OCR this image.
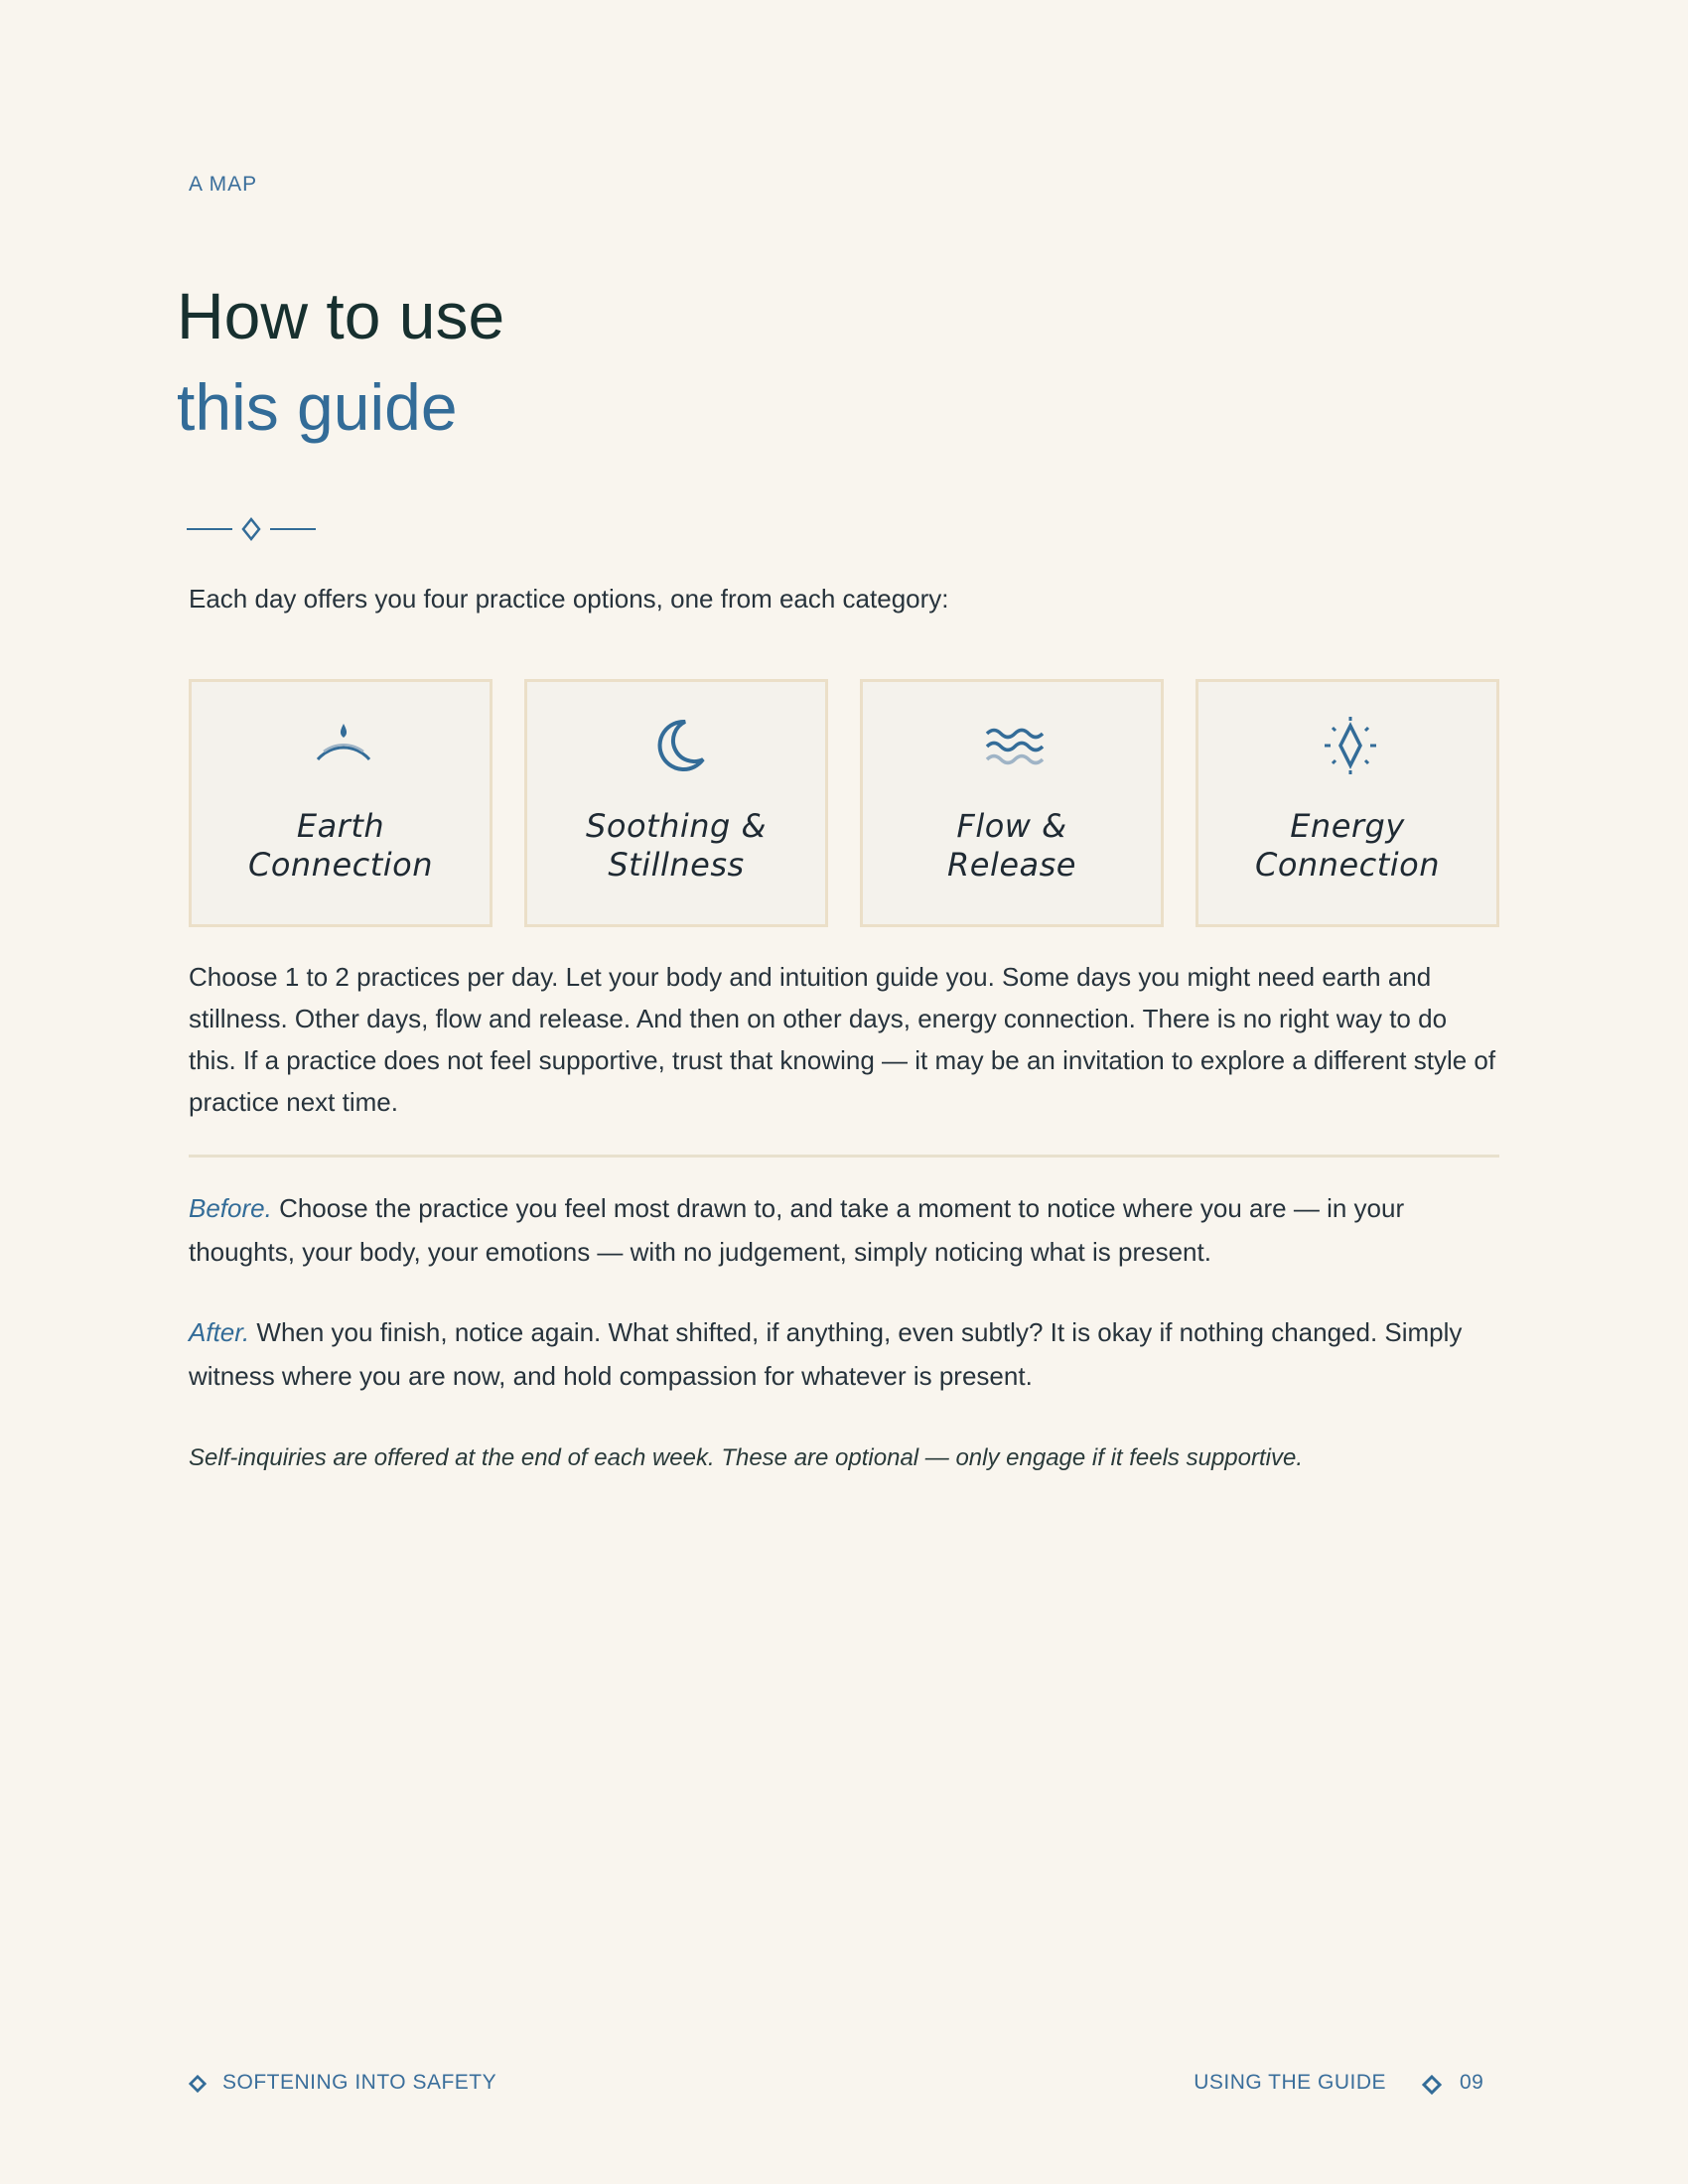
A MAP
How to use
this guide

Each day offers you four practice options, one from each category:

Earth
Connection
Soothing &
Stillness
Flow &
Release
Energy
Connection

Choose 1 to 2 practices per day. Let your body and intuition guide you. Some days you might need earth and stillness. Other days, flow and release. And then on other days, energy connection. There is no right way to do this. If a practice does not feel supportive, trust that knowing — it may be an invitation to explore a different style of practice next time.

Before. Choose the practice you feel most drawn to, and take a moment to notice where you are — in your thoughts, your body, your emotions — with no judgement, simply noticing what is present.

After. When you finish, notice again. What shifted, if anything, even subtly? It is okay if nothing changed. Simply witness where you are now, and hold compassion for whatever is present.

Self-inquiries are offered at the end of each week. These are optional — only engage if it feels supportive.

SOFTENING INTO SAFETY	USING THE GUIDE	09
